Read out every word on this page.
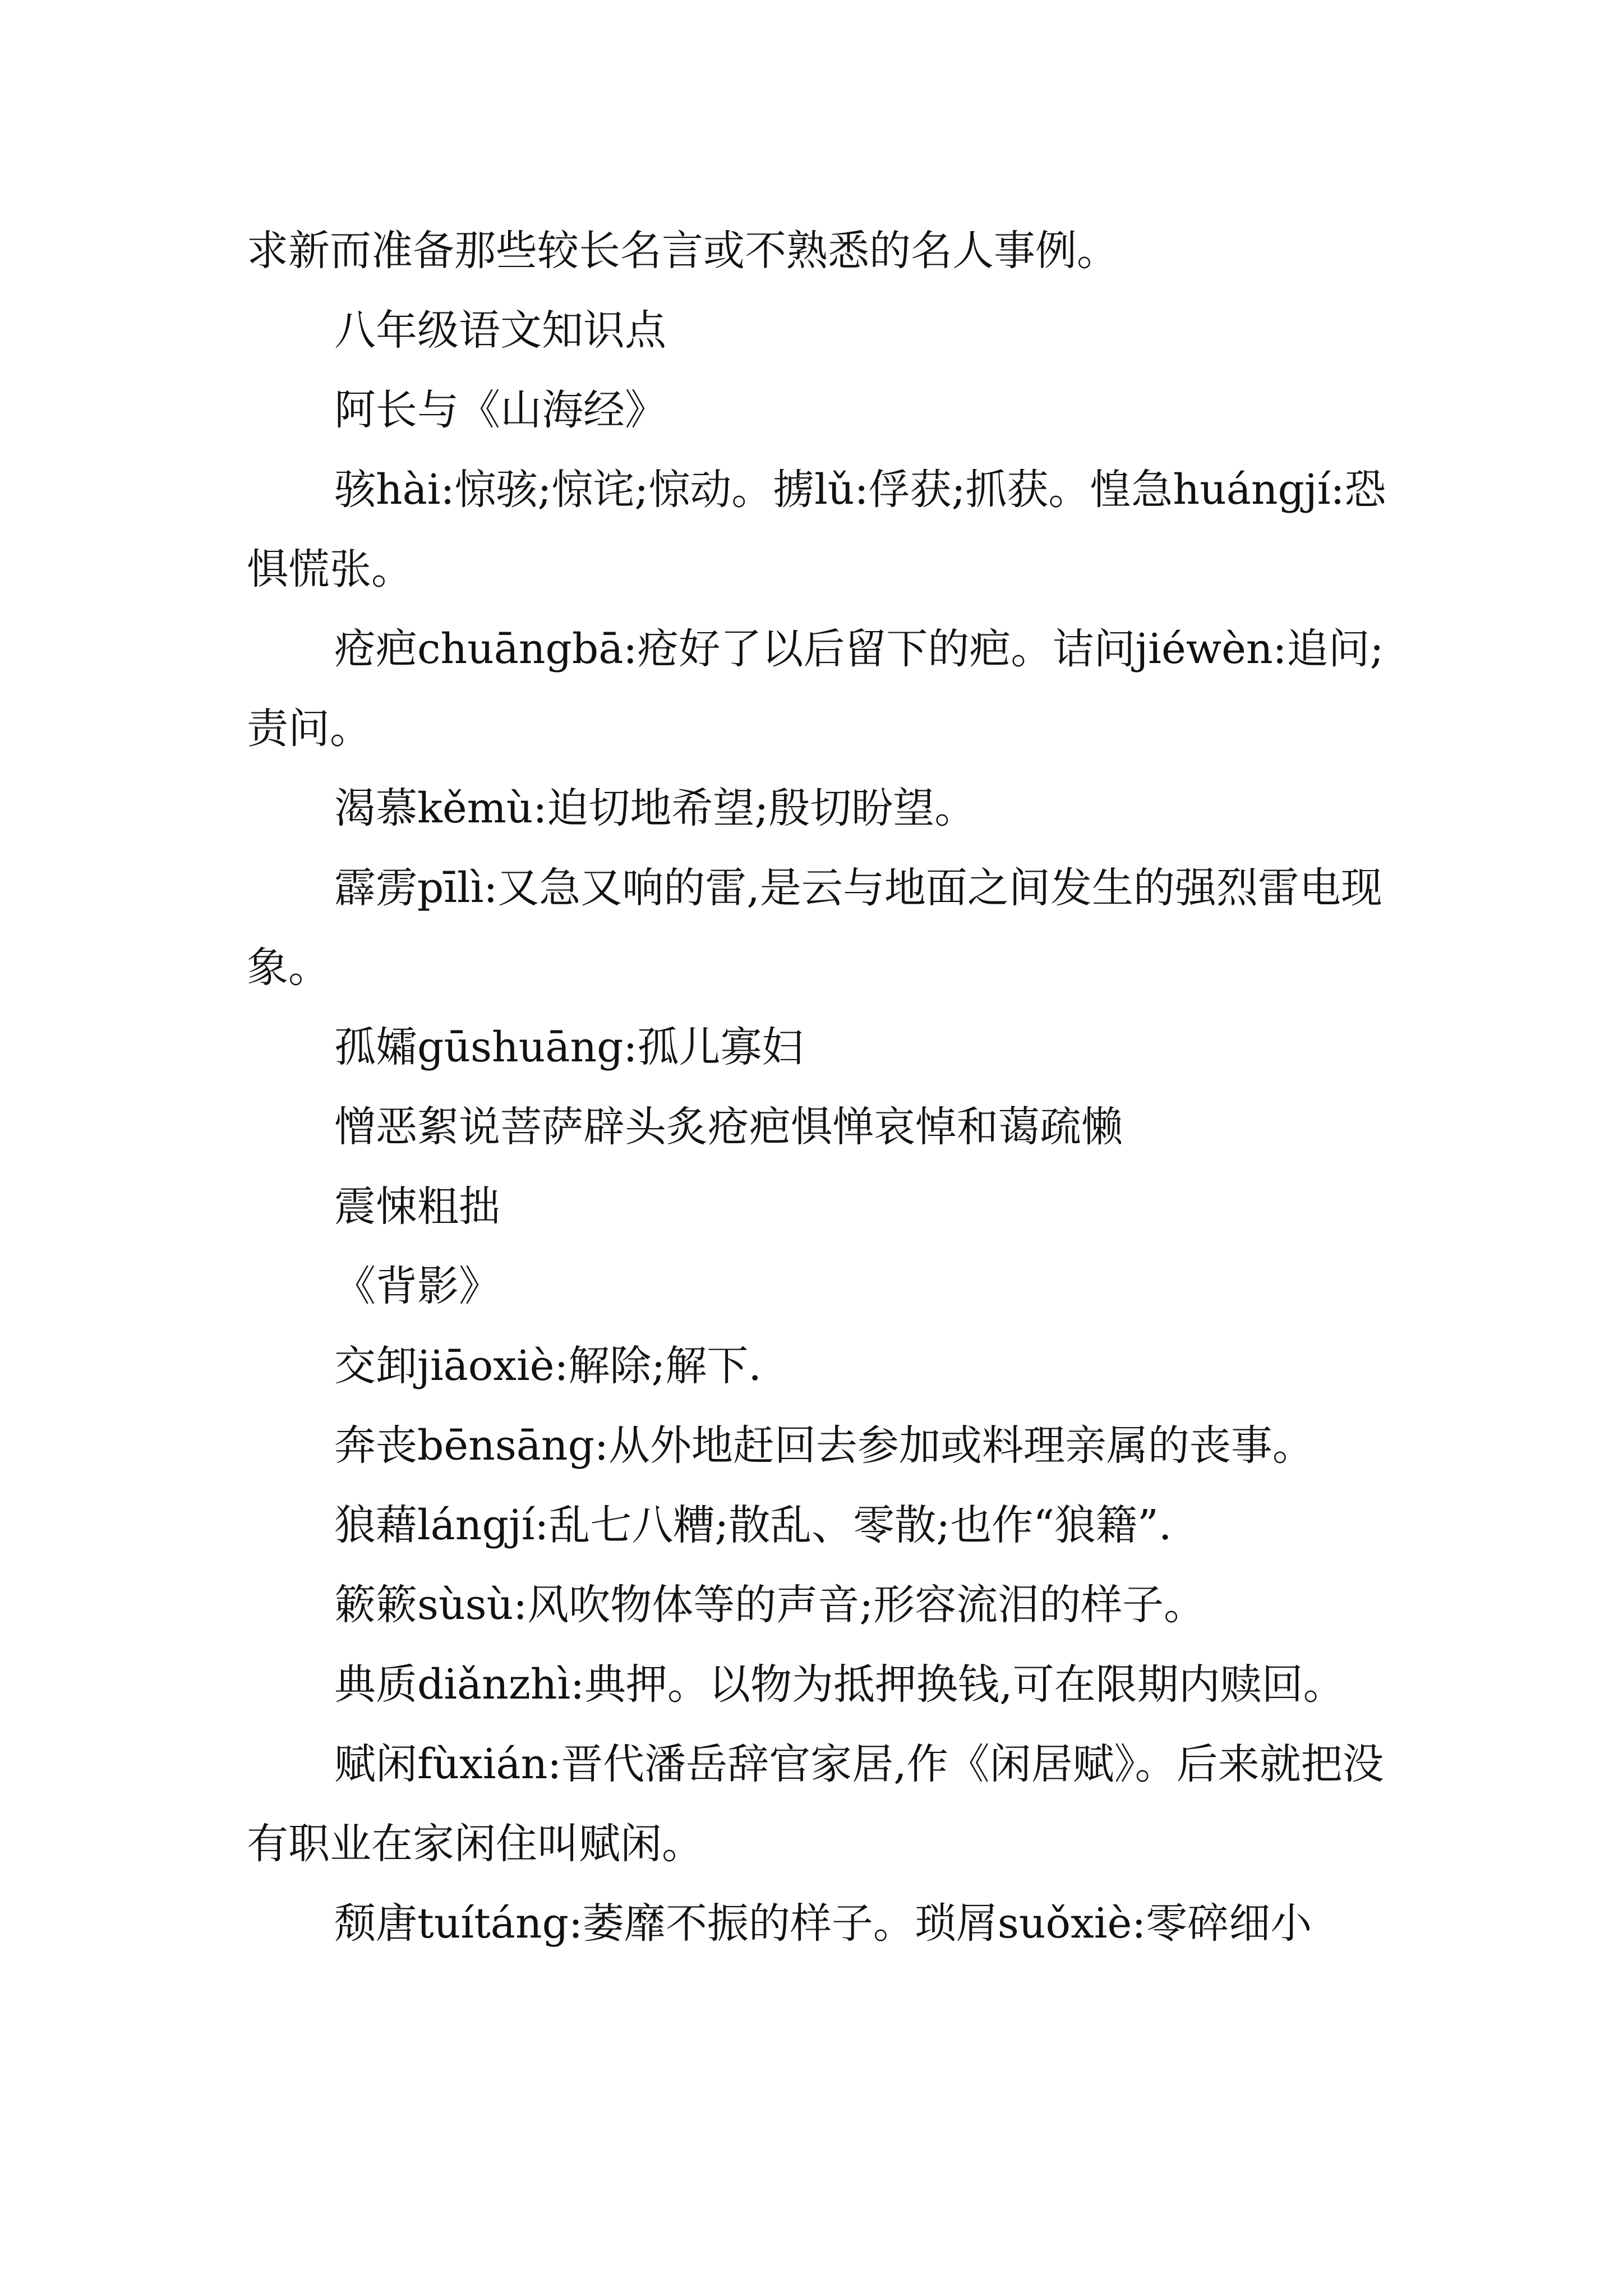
求新而准备那些较长名言或不熟悉的名人事例。

八年级语文知识点

阿长与《山海经》

骇hài:惊骇;惊诧;惊动。掳lǔ:俘获;抓获。惶急huángjí:恐惧慌张。

疮疤chuāngbā:疮好了以后留下的疤。诘问jiéwèn:追问;责问。

渴慕kěmù:迫切地希望;殷切盼望。

霹雳pīlì:又急又响的雷,是云与地面之间发生的强烈雷电现象。

孤孀gūshuāng:孤儿寡妇

憎恶絮说菩萨辟头炙疮疤惧惮哀悼和蔼疏懒

震悚粗拙

《背影》

交卸jiāoxiè:解除;解下.

奔丧bēnsāng:从外地赶回去参加或料理亲属的丧事。

狼藉lángjí:乱七八糟;散乱、零散;也作“狼籍”.

簌簌sùsù:风吹物体等的声音;形容流泪的样子。

典质diǎnzhì:典押。以物为抵押换钱,可在限期内赎回。

赋闲fùxián:晋代潘岳辞官家居,作《闲居赋》。后来就把没有职业在家闲住叫赋闲。

颓唐tuítáng:萎靡不振的样子。琐屑suǒxiè:零碎细小
